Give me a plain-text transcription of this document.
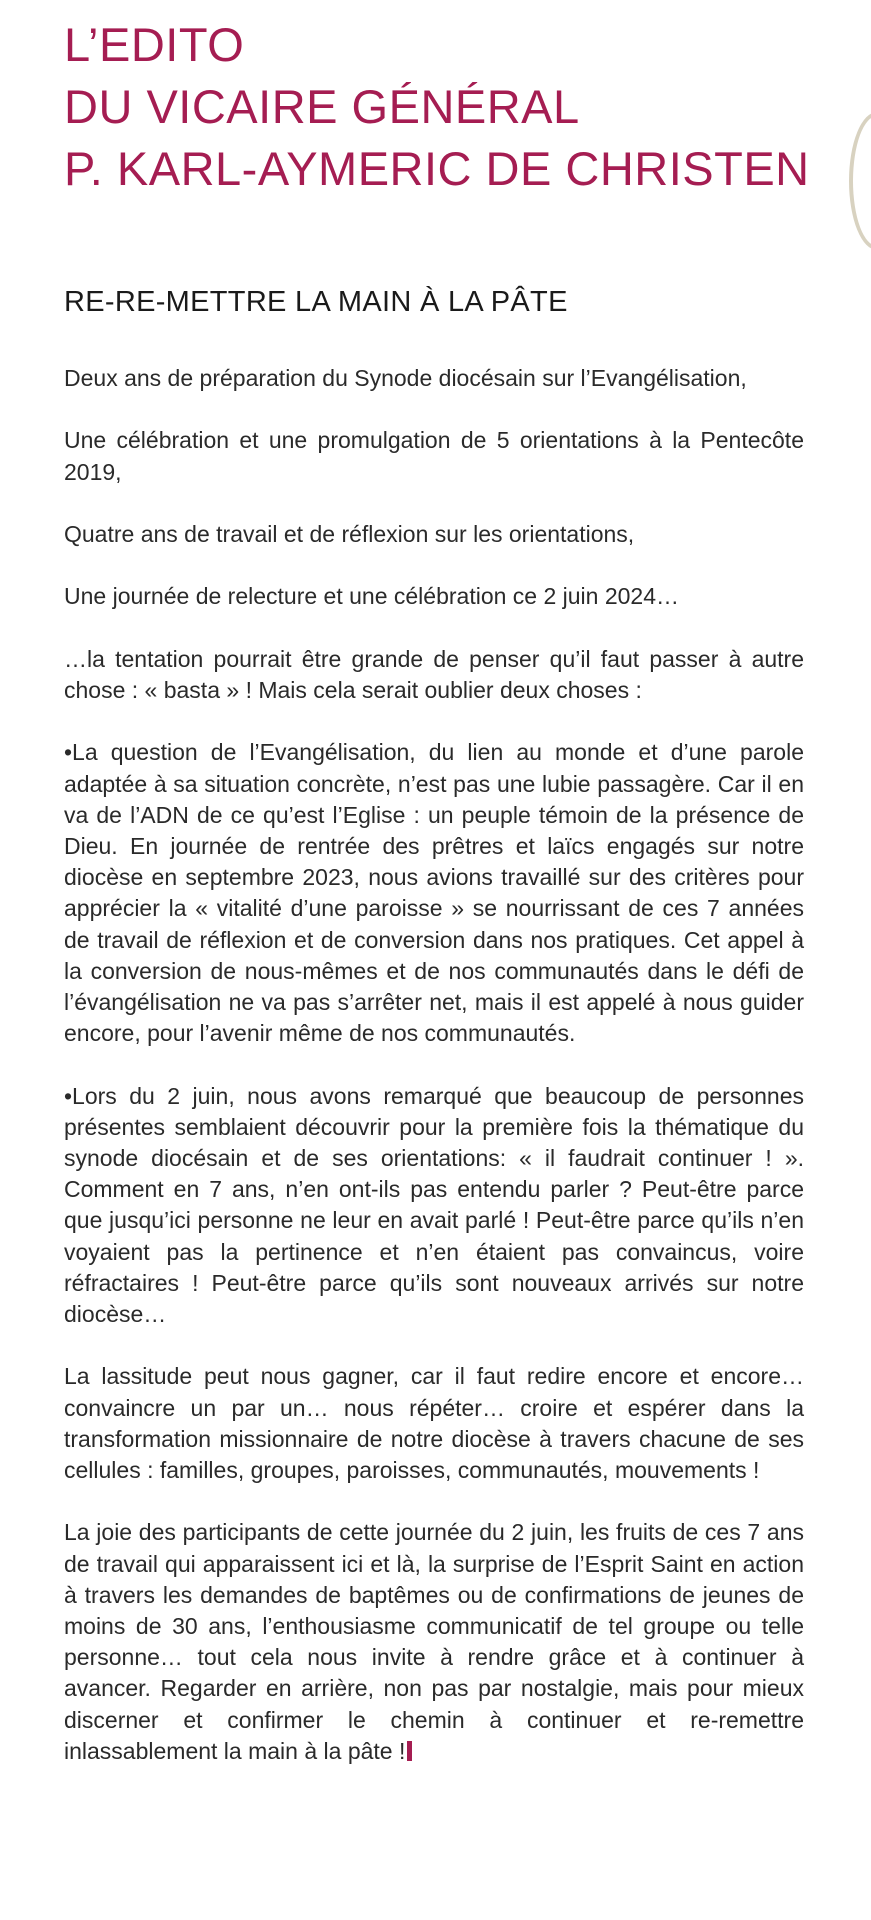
L’EDITO
DU VICAIRE GÉNÉRAL
P. KARL-AYMERIC DE CHRISTEN
RE-RE-METTRE LA MAIN À LA PÂTE

Deux ans de préparation du Synode diocésain sur l’Evangélisation,

Une célébration et une promulgation de 5 orientations à la Pentecôte 2019,

Quatre ans de travail et de réflexion sur les orientations,

Une journée de relecture et une célébration ce 2 juin 2024…

…la tentation pourrait être grande de penser qu’il faut passer à autre chose : « basta » ! Mais cela serait oublier deux choses :

•La question de l’Evangélisation, du lien au monde et d’une parole adaptée à sa situation concrète, n’est pas une lubie passagère. Car il en va de l’ADN de ce qu’est l’Eglise : un peuple témoin de la présence de Dieu. En journée de rentrée des prêtres et laïcs engagés sur notre diocèse en septembre 2023, nous avions travaillé sur des critères pour apprécier la « vitalité d’une paroisse » se nourrissant de ces 7 années de travail de réflexion et de conversion dans nos pratiques. Cet appel à la conversion de nous-mêmes et de nos communautés dans le défi de l’évangélisation ne va pas s’arrêter net, mais il est appelé à nous guider encore, pour l’avenir même de nos communautés.

•Lors du 2 juin, nous avons remarqué que beaucoup de personnes présentes semblaient découvrir pour la première fois la thématique du synode diocésain et de ses orientations: « il faudrait continuer ! ». Comment en 7 ans, n’en ont-ils pas entendu parler ? Peut-être parce que jusqu’ici personne ne leur en avait parlé ! Peut-être parce qu’ils n’en voyaient pas la pertinence et n’en étaient pas convaincus, voire réfractaires ! Peut-être parce qu’ils sont nouveaux arrivés sur notre diocèse…

La lassitude peut nous gagner, car il faut redire encore et encore… convaincre un par un… nous répéter… croire et espérer dans la transformation missionnaire de notre diocèse à travers chacune de ses cellules : familles, groupes, paroisses, communautés, mouvements !

La joie des participants de cette journée du 2 juin, les fruits de ces 7 ans de travail qui apparaissent ici et là, la surprise de l’Esprit Saint en action à travers les demandes de baptêmes ou de confirmations de jeunes de moins de 30 ans, l’enthousiasme communicatif de tel groupe ou telle personne… tout cela nous invite à rendre grâce et à continuer à avancer. Regarder en arrière, non pas par nostalgie, mais pour mieux discerner et confirmer le chemin à continuer et re-remettre inlassablement la main à la pâte !
